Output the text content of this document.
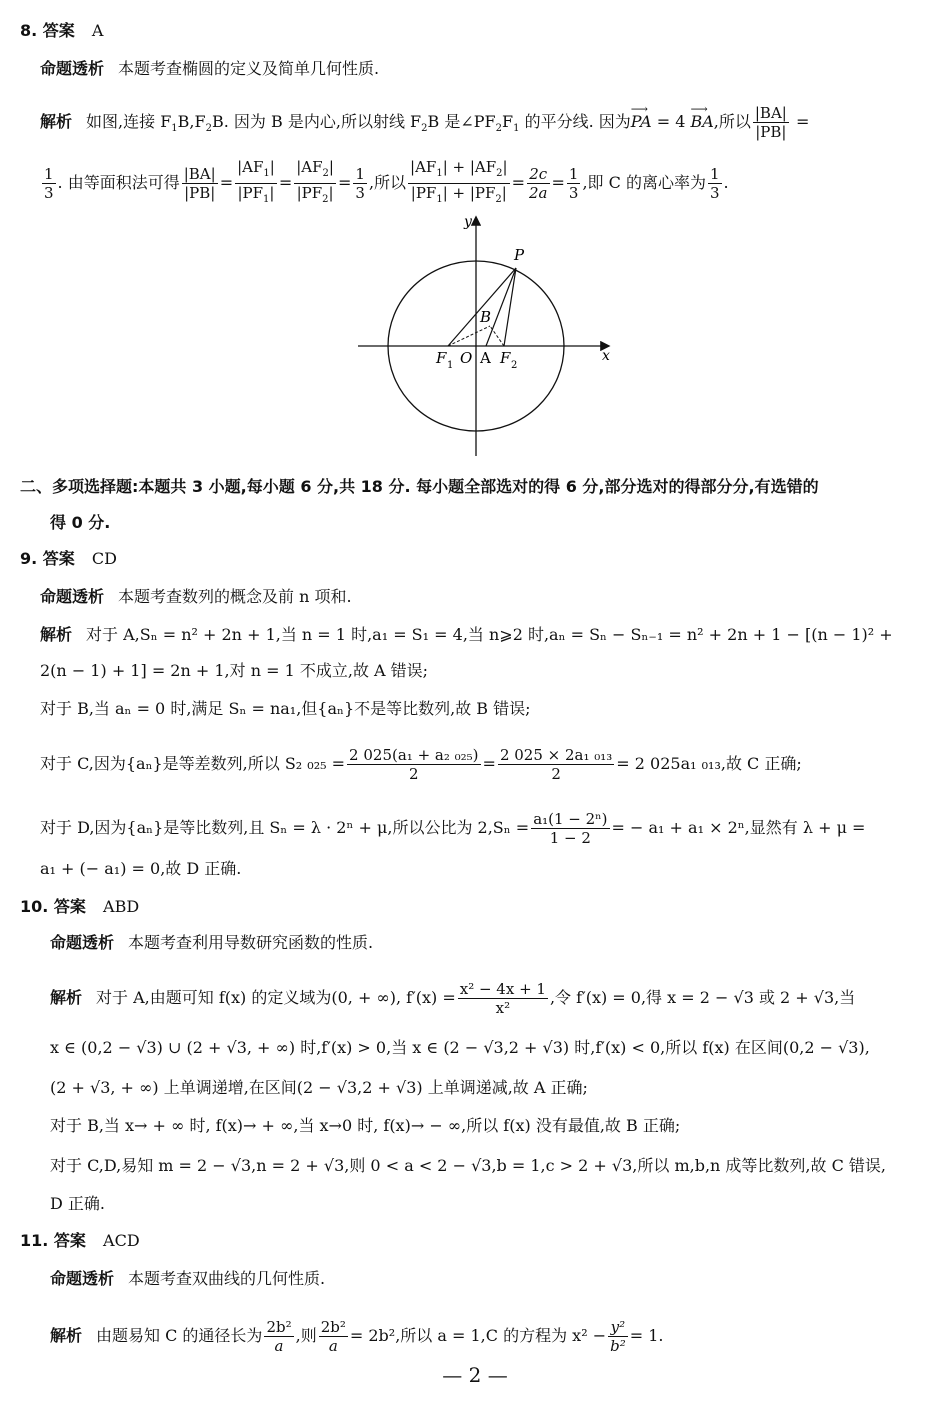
8. 答案 A
命题透析 本题考查椭圆的定义及简单几何性质.
解析 如图,连接 $F_1B,F_2B$. 因为 B 是内心,所以射线 $F_2B$ 是$\angle PF_2F_1$ 的平分线. 因为
⟶
PA = 4
⟶
BA,所以 $\frac{|BA|}{|PB|}$ =
$\frac{1}{3}$ . 由等面积法可得 $\frac{|BA|}{|PB|} = \frac{|AF_1|}{|PF_1|} = \frac{|AF_2|}{|PF_2|} = \frac{1}{3}$ ,所以 $\frac{|AF_1| + |AF_2|}{|PF_1| + |PF_2|} = \frac{2c}{2a} = \frac{1}{3}$ ,即 C 的离心率为 $\frac{1}{3}$ .
y
x
P
B
F 1 O A F 2
二、多项选择题:本题共 3 小题,每小题 6 分,共 18 分. 每小题全部选对的得 6 分,部分选对的得部分分,有选错的
得 0 分.
9. 答案 CD
命题透析 本题考查数列的概念及前 n 项和.
解析 对于 A,Sₙ = n² + 2n + 1,当 n = 1 时,a₁ = S₁ = 4,当 n⩾2 时,aₙ = Sₙ − Sₙ₋₁ = n² + 2n + 1 − [(n − 1)² +
2(n − 1) + 1] = 2n + 1,对 n = 1 不成立,故 A 错误;
对于 B,当 aₙ = 0 时,满足 Sₙ = na₁,但{aₙ}不是等比数列,故 B 错误;
对于 C,因为{aₙ}是等差数列,所以 S₂ $_{025} = \frac{\text{2 025(a₁ + a₂ ₀₂₅)}}{2} = \frac{\text{2 025 × 2a₁ ₀₁₃}}{2} = 2$ 025a₁ ₀₁₃,故 C 正确;
对于 D,因为{aₙ}是等比数列,且 Sₙ = λ · 2ⁿ + μ,所以公比为 $2,S_n = \frac{\text{a₁(1 − 2ⁿ)}}{1 - 2}$ = − a₁ + a₁ × 2ⁿ,显然有 λ + μ =
a₁ + (− a₁) = 0,故 D 正确.
10. 答案 ABD
命题透析 本题考查利用导数研究函数的性质.
解析 对于 A,由题可知 f(x) 的定义域为(0, + ∞), $f'(x) = \frac{\text{x² − 4x + 1}}{\text{x²}}$ ,令 f′(x) = 0,得 x = 2 − √3 或 2 + √3,当
x ∈ (0,2 − √3) ∪ (2 + √3, + ∞) 时,f′(x) > 0,当 x ∈ (2 − √3,2 + √3) 时,f′(x) < 0,所以 f(x) 在区间(0,2 − √3),
(2 + √3, + ∞) 上单调递增,在区间(2 − √3,2 + √3) 上单调递减,故 A 正确;
对于 B,当 x→ + ∞ 时, f(x)→ + ∞,当 x→0 时, f(x)→ − ∞,所以 f(x) 没有最值,故 B 正确;
对于 C,D,易知 m = 2 − √3,n = 2 + √3,则 0 < a < 2 − √3,b = 1,c > 2 + √3,所以 m,b,n 成等比数列,故 C 错误,
D 正确.
11. 答案 ACD
命题透析 本题考查双曲线的几何性质.
解析 由题易知 C 的通径长为 $\frac{\text{2b²}}{a}$ ,则 $\frac{\text{2b²}}{a} = 2b^2$,所以 a = 1,C 的方程为 $x^2 - \frac{\text{y²}}{\text{b²}} = 1$.
— 2 —
